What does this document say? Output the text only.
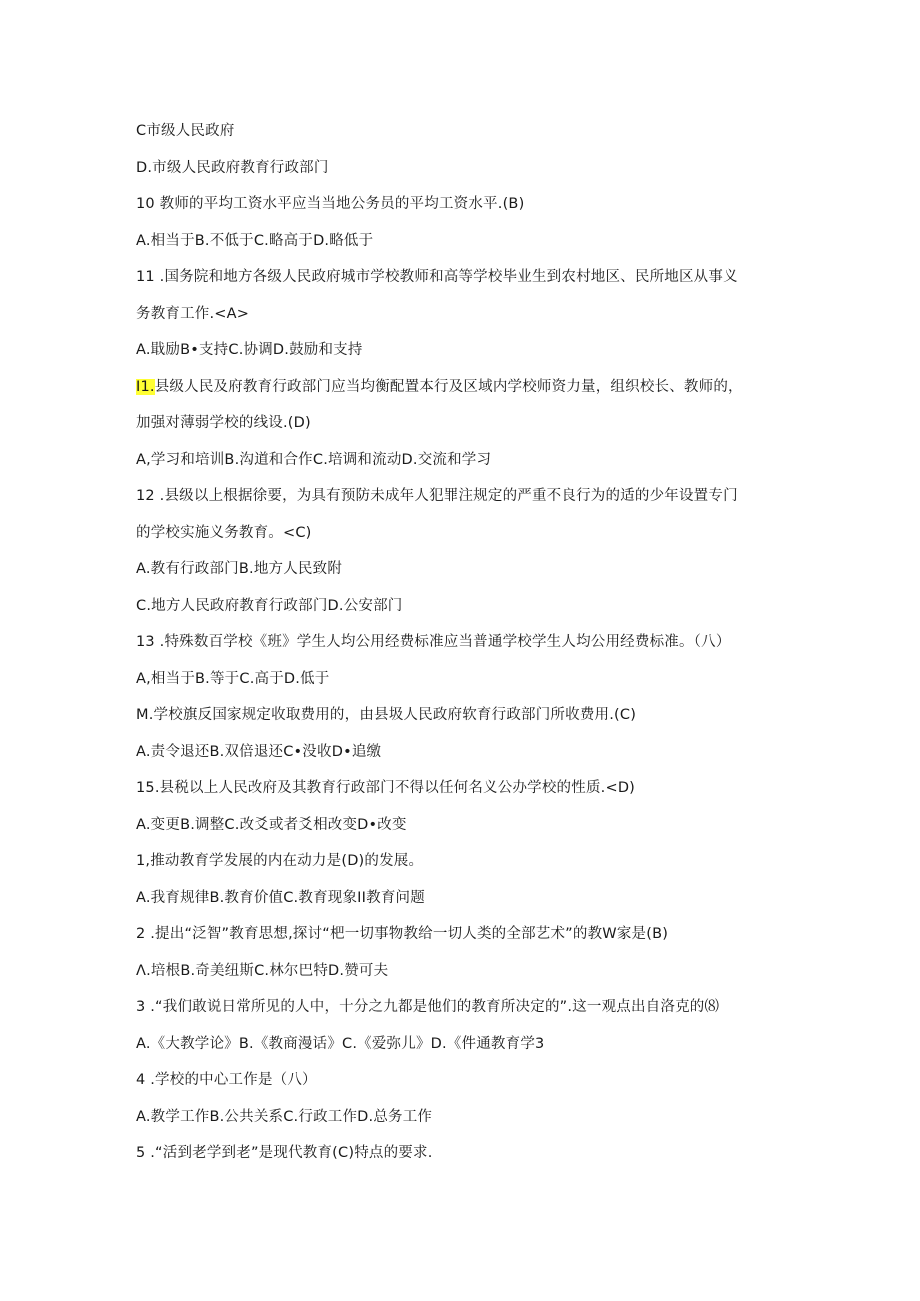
C市级人民政府
D.市级人民政府教育行政部门
10 教师的平均工资水平应当当地公务员的平均工资水平.(B)
A.相当于B.不低于C.略高于D.略低于
11 .国务院和地方各级人民政府城市学校教师和高等学校毕业生到农村地区、民所地区从事义
务教育工作.<A>
A.戢励B•支持C.协调D.鼓励和支持
I1.县级人民及府教育行政部门应当均衡配置本行及区域内学校师资力量，组织校长、教师的，
加强对薄弱学校的线设.(D)
A,学习和培训B.沟道和合作C.培调和流动D.交流和学习
12 .县级以上根据徐要，为具有预防未成年人犯罪注规定的严重不良行为的适的少年设置专门
的学校实施义务教育。<C)
A.教有行政部门B.地方人民致附
C.地方人民政府教育行政部门D.公安部门
13 .特殊数百学校《班》学生人均公用经费标准应当普通学校学生人均公用经费标准。（八）
A,相当于B.等于C.高于D.低于
M.学校旗反国家规定收取费用的，由县圾人民政府软育行政部门所收费用.(C)
A.责令退还B.双倍退还C•没收D•追缴
15.县税以上人民改府及其教育行政部门不得以任何名义公办学校的性质.<D)
A.变更B.调整C.改爻或者爻相改变D•改变
1,推动教育学发展的内在动力是(D)的发展。
A.我育规律B.教育价值C.教育现象II教育问题
2 .提出“泛智”教育思想,探讨“杷一切事物教给一切人类的全部艺术”的教W家是(B)
Λ.培根B.奇美纽斯C.林尔巴特D.赞可夫
3 .“我们敢说日常所见的人中，十分之九都是他们的教育所决定的”.这一观点出自洛克的⑻
A.《大教学论》B.《教商漫话》C.《爱弥儿》D.《件通教育学3
4 .学校的中心工作是（八）
A.教学工作B.公共关系C.行政工作D.总务工作
5 .“活到老学到老”是现代教育(C)特点的要求.
